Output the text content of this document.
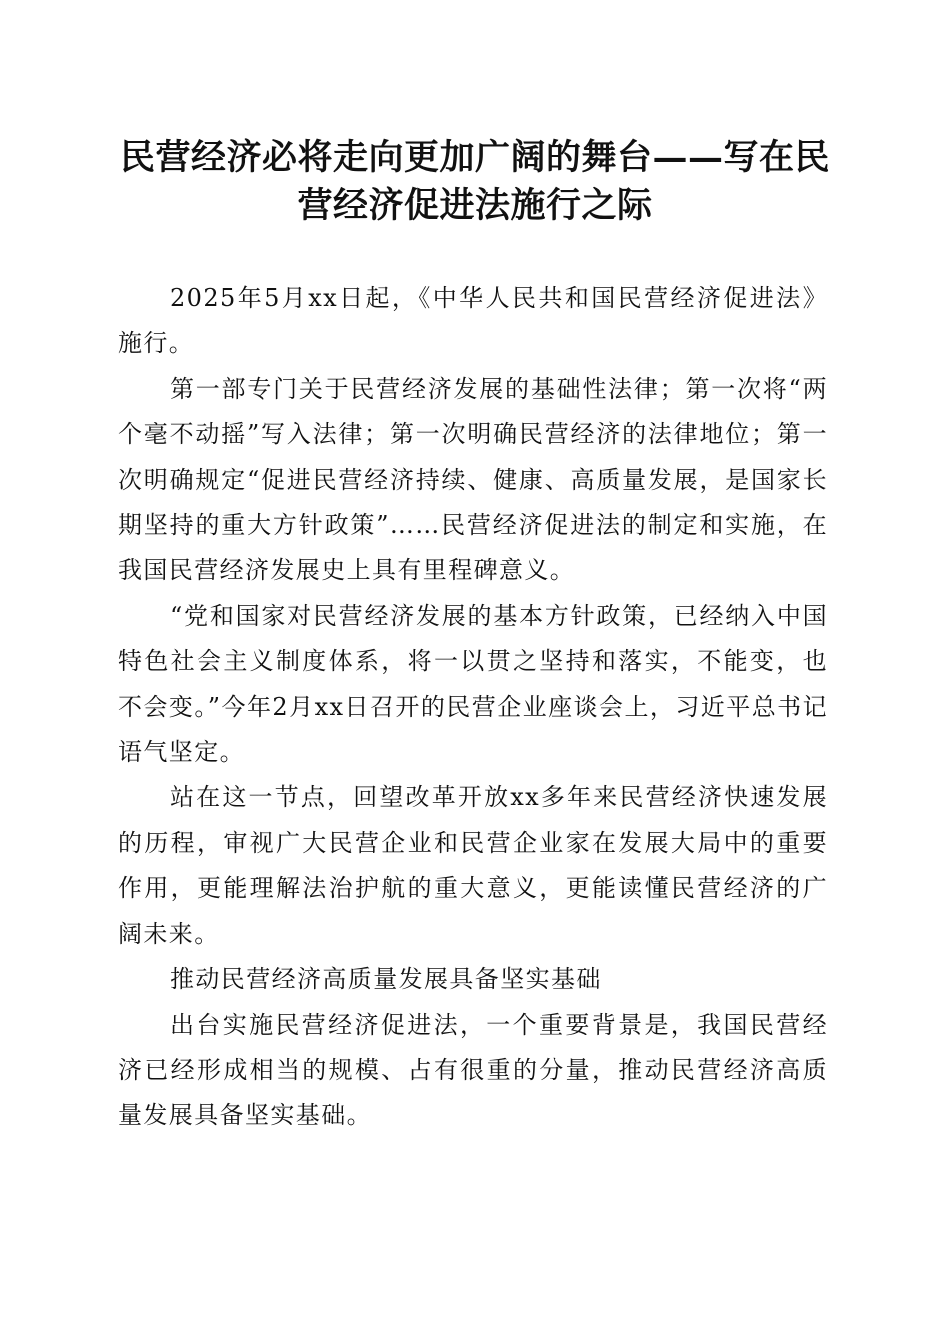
民营经济必将走向更加广阔的舞台——写在民
营经济促进法施行之际

2025年5月xx日起，《中华人民共和国民营经济促进法》施行。

第一部专门关于民营经济发展的基础性法律；第一次将“两个毫不动摇”写入法律；第一次明确民营经济的法律地位；第一次明确规定“促进民营经济持续、健康、高质量发展，是国家长期坚持的重大方针政策”……民营经济促进法的制定和实施，在我国民营经济发展史上具有里程碑意义。

“党和国家对民营经济发展的基本方针政策，已经纳入中国特色社会主义制度体系，将一以贯之坚持和落实，不能变，也不会变。”今年2月xx日召开的民营企业座谈会上，习近平总书记语气坚定。

站在这一节点，回望改革开放xx多年来民营经济快速发展的历程，审视广大民营企业和民营企业家在发展大局中的重要作用，更能理解法治护航的重大意义，更能读懂民营经济的广阔未来。

推动民营经济高质量发展具备坚实基础

出台实施民营经济促进法，一个重要背景是，我国民营经济已经形成相当的规模、占有很重的分量，推动民营经济高质量发展具备坚实基础。
